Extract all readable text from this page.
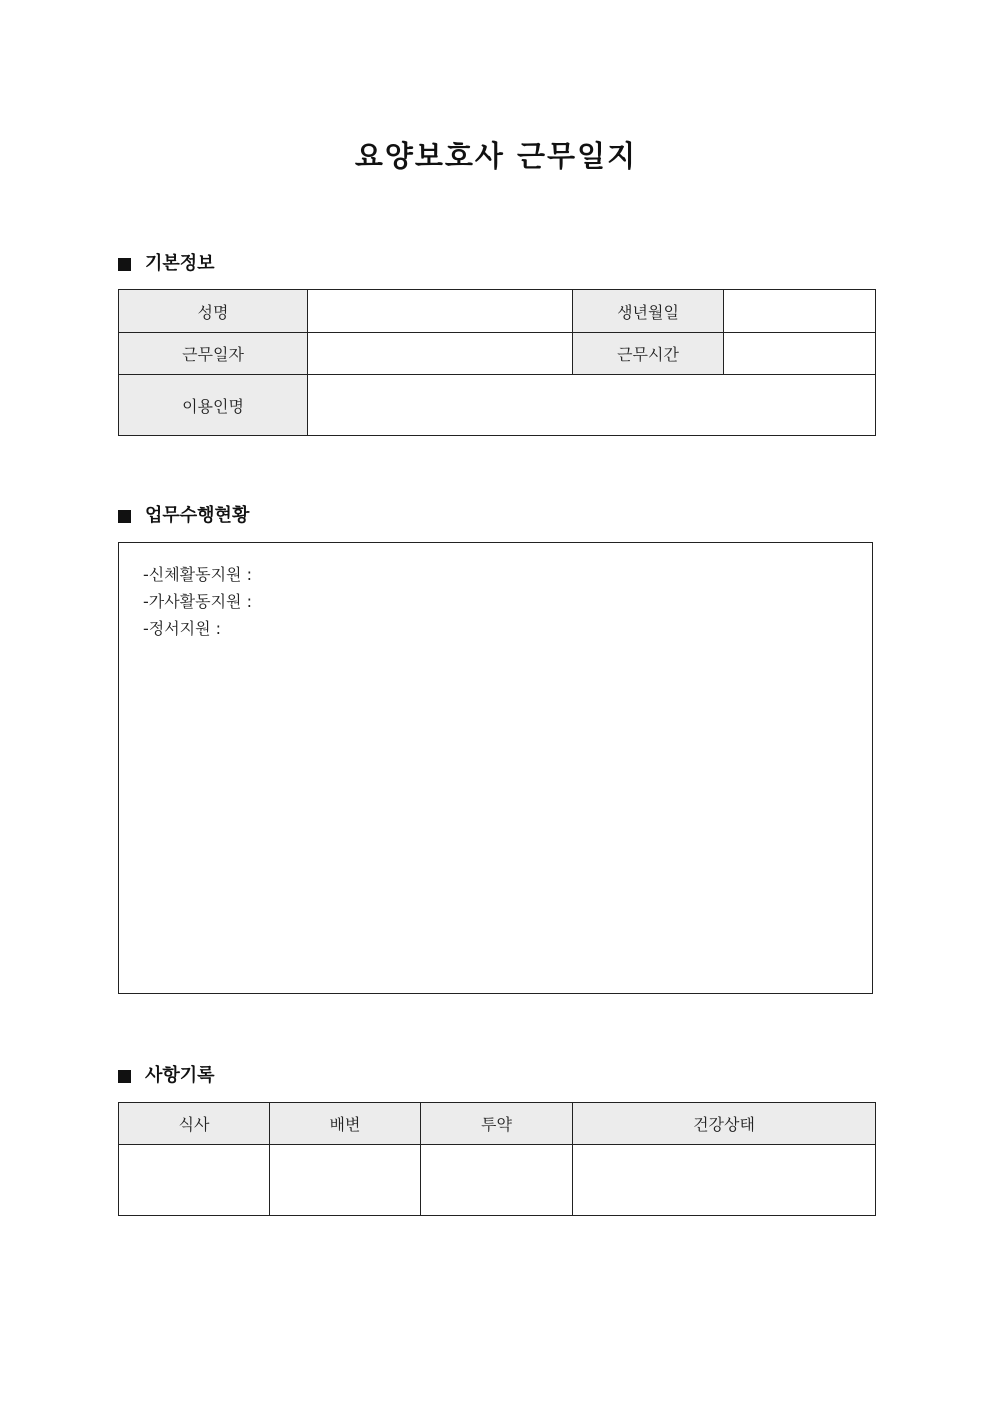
요양보호사 근무일지
기본정보
성명		생년월일	
근무일자		근무시간	
이용인명			
업무수행현황
-신체활동지원 :
-가사활동지원 :
-정서지원 :
사항기록
식사	배변	투약	건강상태
